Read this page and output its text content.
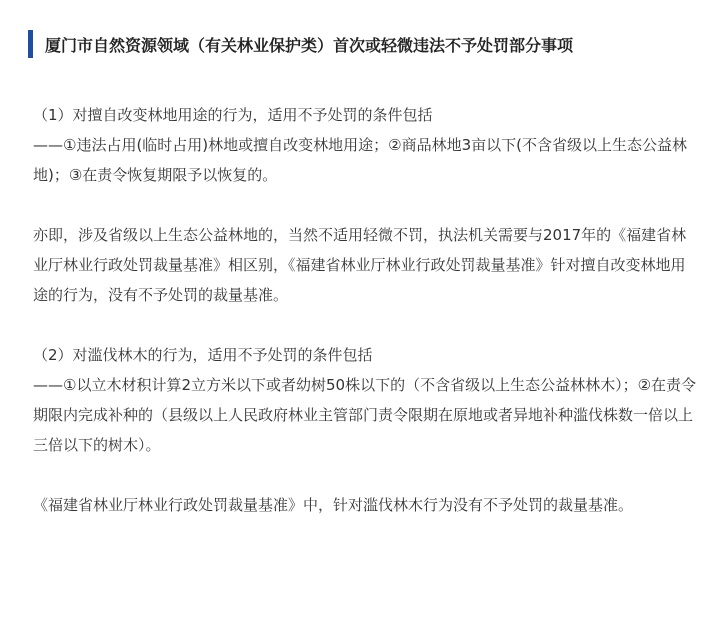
厦门市自然资源领域（有关林业保护类）首次或轻微违法不予处罚部分事项

（1）对擅自改变林地用途的行为，适用不予处罚的条件包括

——①违法占用(临时占用)林地或擅自改变林地用途；②商品林地3亩以下(不含省级以上生态公益林地)；③在责令恢复期限予以恢复的。

亦即，涉及省级以上生态公益林地的，当然不适用轻微不罚，执法机关需要与2017年的《福建省林业厅林业行政处罚裁量基准》相区别，《福建省林业厅林业行政处罚裁量基准》针对擅自改变林地用途的行为，没有不予处罚的裁量基准。

（2）对滥伐林木的行为，适用不予处罚的条件包括

——①以立木材积计算2立方米以下或者幼树50株以下的（不含省级以上生态公益林林木）；②在责令期限内完成补种的（县级以上人民政府林业主管部门责令限期在原地或者异地补种滥伐株数一倍以上三倍以下的树木）。

《福建省林业厅林业行政处罚裁量基准》中，针对滥伐林木行为没有不予处罚的裁量基准。
